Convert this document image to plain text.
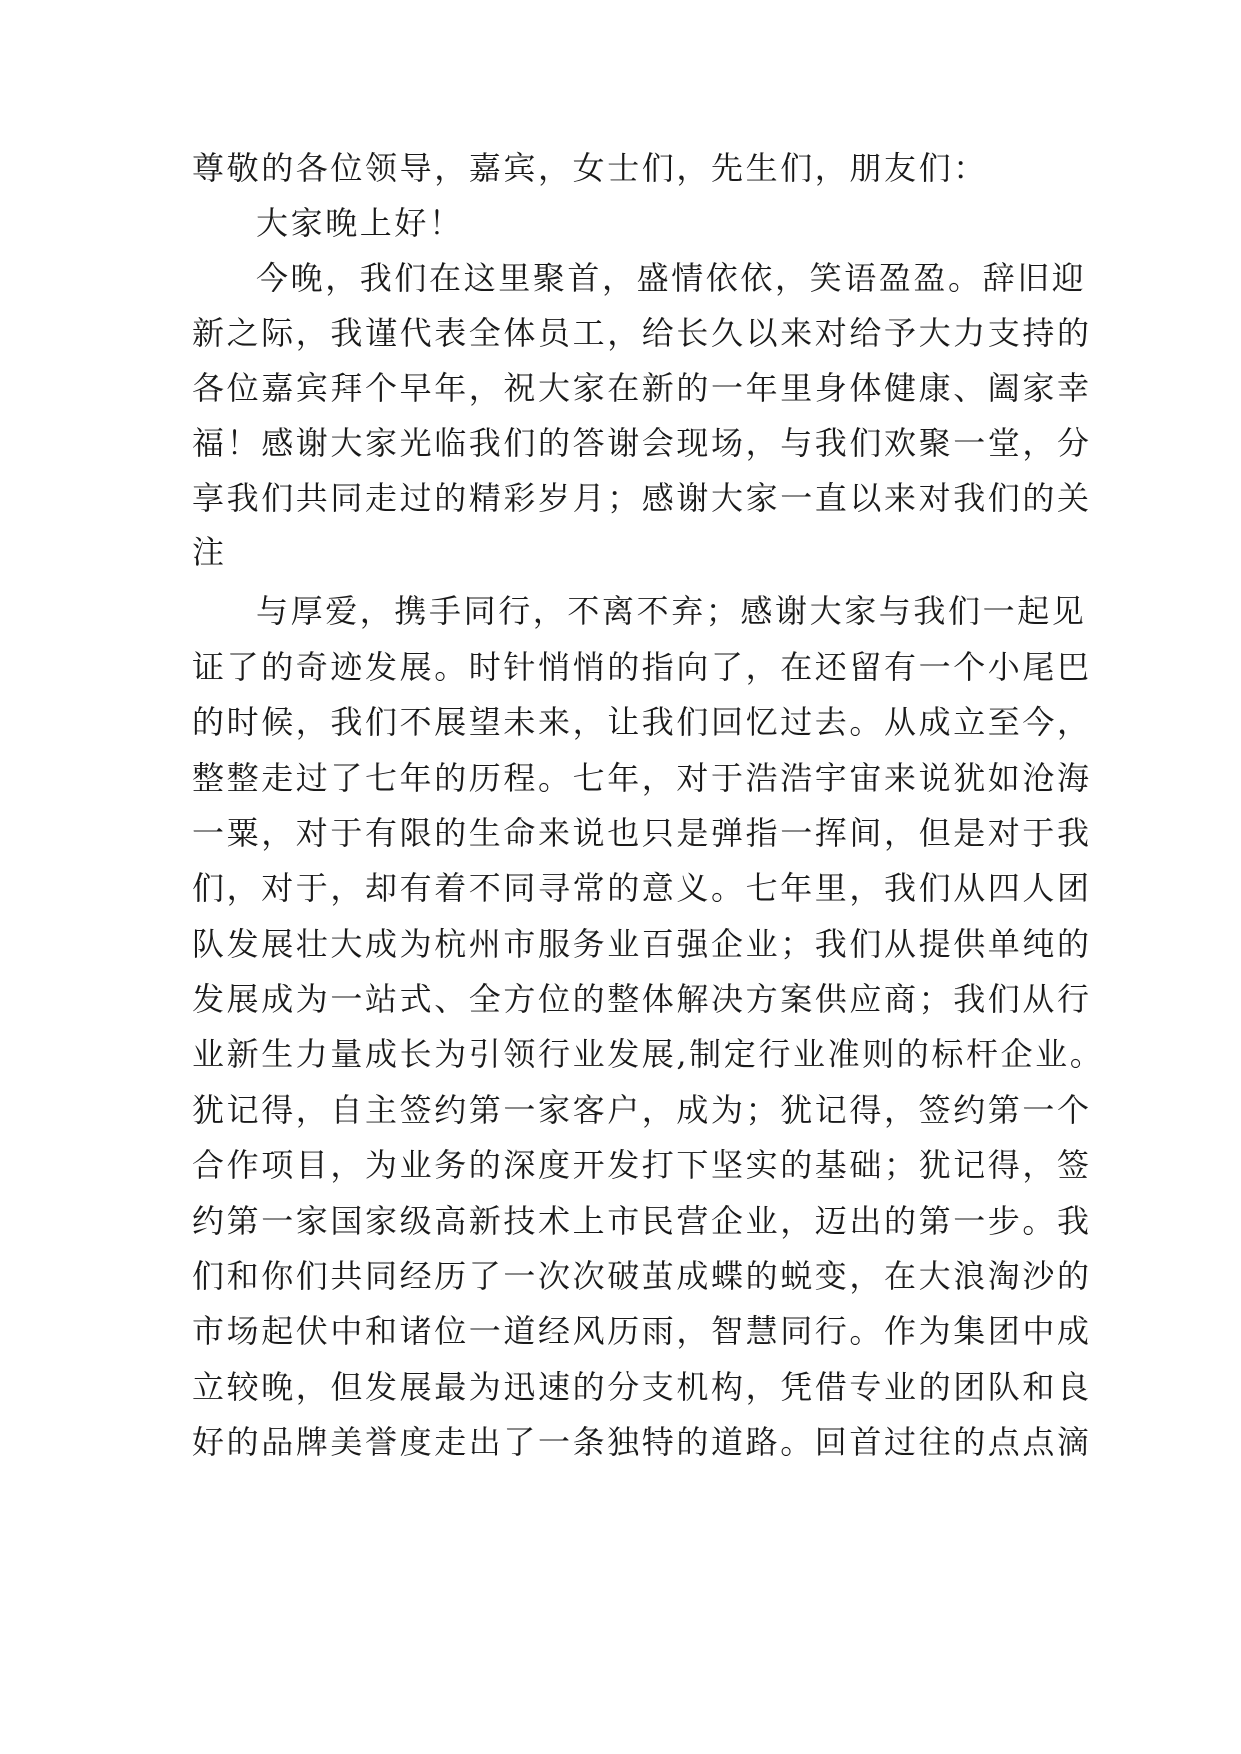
尊敬的各位领导，嘉宾，女士们，先生们，朋友们：
大家晚上好！
今晚，我们在这里聚首，盛情依依，笑语盈盈。辞旧迎
新之际，我谨代表全体员工，给长久以来对给予大力支持的
各位嘉宾拜个早年，祝大家在新的一年里身体健康、阖家幸
福！感谢大家光临我们的答谢会现场，与我们欢聚一堂，分
享我们共同走过的精彩岁月；感谢大家一直以来对我们的关
注
与厚爱，携手同行，不离不弃；感谢大家与我们一起见
证了的奇迹发展。时针悄悄的指向了，在还留有一个小尾巴
的时候，我们不展望未来，让我们回忆过去。从成立至今，
整整走过了七年的历程。七年，对于浩浩宇宙来说犹如沧海
一粟，对于有限的生命来说也只是弹指一挥间，但是对于我
们，对于，却有着不同寻常的意义。七年里，我们从四人团
队发展壮大成为杭州市服务业百强企业；我们从提供单纯的
发展成为一站式、全方位的整体解决方案供应商；我们从行
业新生力量成长为引领行业发展,制定行业准则的标杆企业。
犹记得，自主签约第一家客户，成为；犹记得，签约第一个
合作项目，为业务的深度开发打下坚实的基础；犹记得，签
约第一家国家级高新技术上市民营企业，迈出的第一步。我
们和你们共同经历了一次次破茧成蝶的蜕变，在大浪淘沙的
市场起伏中和诸位一道经风历雨，智慧同行。作为集团中成
立较晚，但发展最为迅速的分支机构，凭借专业的团队和良
好的品牌美誉度走出了一条独特的道路。回首过往的点点滴
